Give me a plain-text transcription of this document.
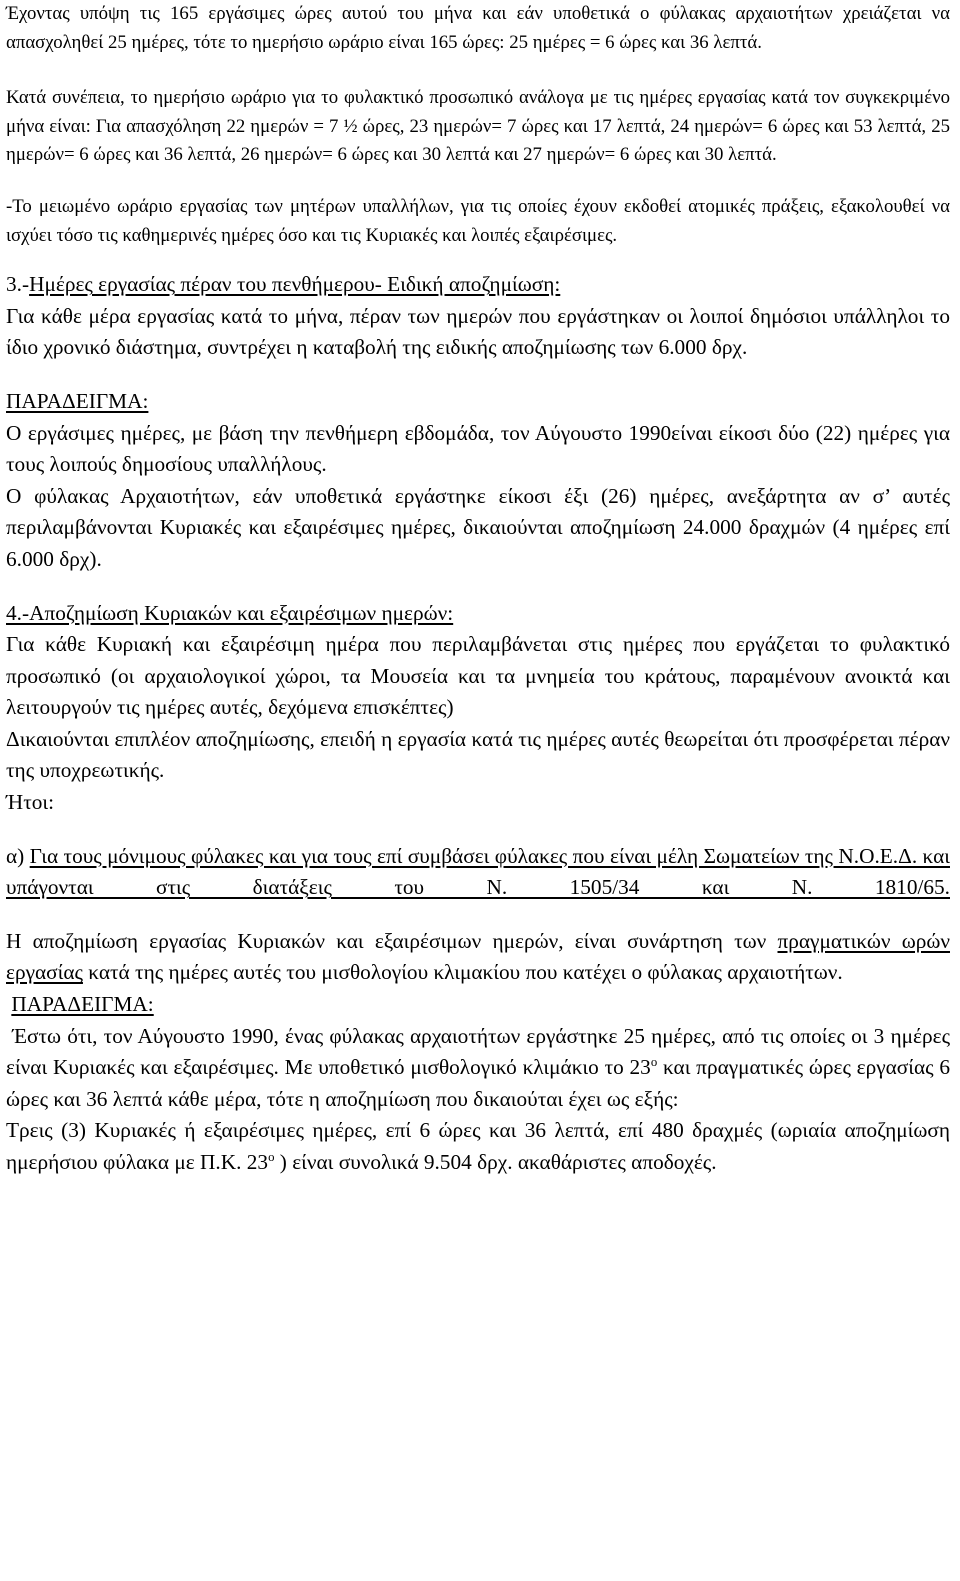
Έχοντας υπόψη τις 165 εργάσιμες ώρες αυτού του μήνα και εάν υποθετικά ο φύλακας αρχαιοτήτων χρειάζεται να απασχοληθεί 25 ημέρες, τότε το ημερήσιο ωράριο είναι 165 ώρες: 25 ημέρες = 6 ώρες και 36 λεπτά.

Κατά συνέπεια, το ημερήσιο ωράριο για το φυλακτικό προσωπικό ανάλογα με τις ημέρες εργασίας κατά τον συγκεκριμένο μήνα είναι: Για απασχόληση 22 ημερών = 7 ½ ώρες, 23 ημερών= 7 ώρες και 17 λεπτά, 24 ημερών= 6 ώρες και 53 λεπτά, 25 ημερών= 6 ώρες και 36 λεπτά, 26 ημερών= 6 ώρες και 30 λεπτά και 27 ημερών= 6 ώρες και 30 λεπτά.

-Το μειωμένο ωράριο εργασίας των μητέρων υπαλλήλων, για τις οποίες έχουν εκδοθεί ατομικές πράξεις, εξακολουθεί να ισχύει τόσο τις καθημερινές ημέρες όσο και τις Κυριακές και λοιπές εξαιρέσιμες.

3.-Ημέρες εργασίας πέραν του πενθήμερου- Ειδική αποζημίωση:

Για κάθε μέρα εργασίας κατά το μήνα, πέραν των ημερών που εργάστηκαν οι λοιποί δημόσιοι υπάλληλοι το ίδιο χρονικό διάστημα, συντρέχει η καταβολή της ειδικής αποζημίωσης των 6.000 δρχ.

ΠΑΡΑΔΕΙΓΜΑ:

Ο εργάσιμες ημέρες, με βάση την πενθήμερη εβδομάδα, τον Αύγουστο 1990είναι είκοσι δύο (22) ημέρες για τους λοιπούς δημοσίους υπαλλήλους.

Ο φύλακας Αρχαιοτήτων, εάν υποθετικά εργάστηκε είκοσι έξι (26) ημέρες, ανεξάρτητα αν σ’ αυτές περιλαμβάνονται Κυριακές και εξαιρέσιμες ημέρες, δικαιούνται αποζημίωση 24.000 δραχμών (4 ημέρες επί 6.000 δρχ).

4.-Αποζημίωση Κυριακών και εξαιρέσιμων ημερών:

Για κάθε Κυριακή και εξαιρέσιμη ημέρα που περιλαμβάνεται στις ημέρες που εργάζεται το φυλακτικό προσωπικό (οι αρχαιολογικοί χώροι, τα Μουσεία και τα μνημεία του κράτους, παραμένουν ανοικτά και λειτουργούν τις ημέρες αυτές, δεχόμενα επισκέπτες)

Δικαιούνται επιπλέον αποζημίωσης, επειδή η εργασία κατά τις ημέρες αυτές θεωρείται ότι προσφέρεται πέραν της υποχρεωτικής.

Ήτοι:

α) Για τους μόνιμους φύλακες και για τους επί συμβάσει φύλακες που είναι μέλη Σωματείων της Ν.Ο.Ε.Δ. και υπάγονται στις διατάξεις του Ν. 1505/34 και Ν. 1810/65.

Η αποζημίωση εργασίας Κυριακών και εξαιρέσιμων ημερών, είναι συνάρτηση των πραγματικών ωρών εργασίας κατά της ημέρες αυτές του μισθολογίου κλιμακίου που κατέχει ο φύλακας αρχαιοτήτων.

ΠΑΡΑΔΕΙΓΜΑ:

Έστω ότι, τον Αύγουστο 1990, ένας φύλακας αρχαιοτήτων εργάστηκε 25 ημέρες, από τις οποίες οι 3 ημέρες είναι Κυριακές και εξαιρέσιμες. Με υποθετικό μισθολογικό κλιμάκιο το $23^o$ και πραγματικές ώρες εργασίας 6 ώρες και 36 λεπτά κάθε μέρα, τότε η αποζημίωση που δικαιούται έχει ως εξής:

Τρεις (3) Κυριακές ή εξαιρέσιμες ημέρες, επί 6 ώρες και 36 λεπτά, επί 480 δραχμές (ωριαία αποζημίωση ημερήσιου φύλακα με Π.Κ. $23^o$ ) είναι συνολικά 9.504 δρχ. ακαθάριστες αποδοχές.
